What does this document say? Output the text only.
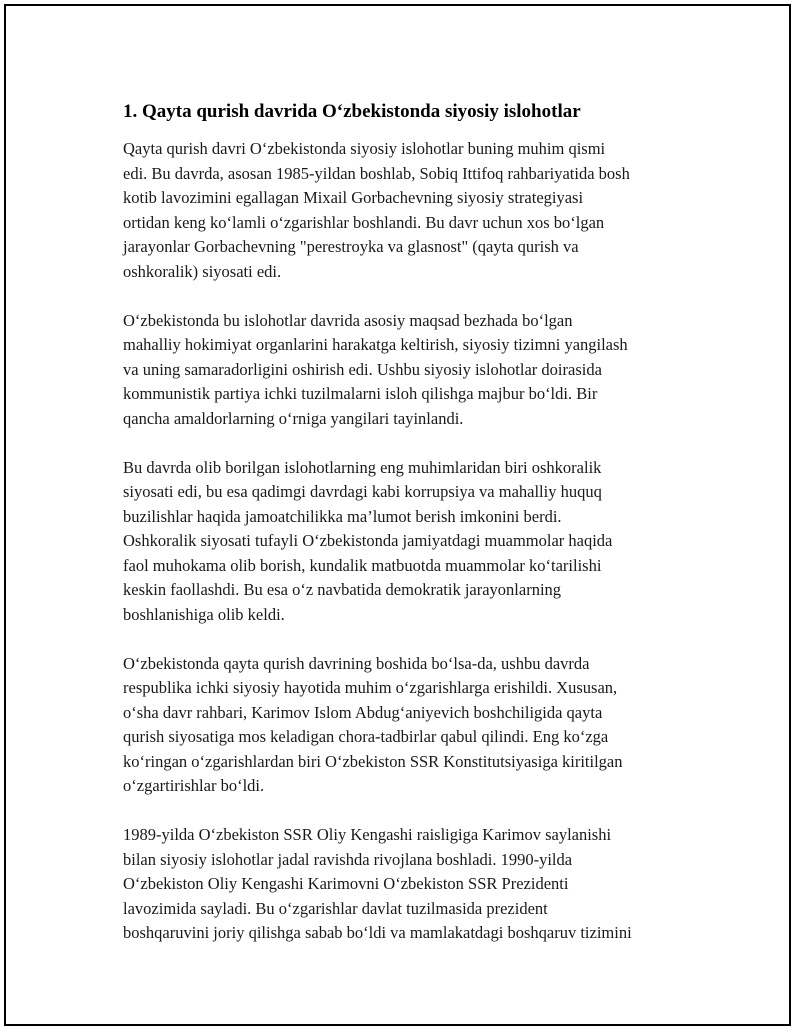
1. Qayta qurish davrida O‘zbekistonda siyosiy islohotlar

Qayta qurish davri O‘zbekistonda siyosiy islohotlar buning muhim qismi
edi. Bu davrda, asosan 1985-yildan boshlab, Sobiq Ittifoq rahbariyatida bosh
kotib lavozimini egallagan Mixail Gorbachevning siyosiy strategiyasi
ortidan keng ko‘lamli o‘zgarishlar boshlandi. Bu davr uchun xos bo‘lgan
jarayonlar Gorbachevning "perestroyka va glasnost" (qayta qurish va
oshkoralik) siyosati edi.

O‘zbekistonda bu islohotlar davrida asosiy maqsad bezhada bo‘lgan
mahalliy hokimiyat organlarini harakatga keltirish, siyosiy tizimni yangilash
va uning samaradorligini oshirish edi. Ushbu siyosiy islohotlar doirasida
kommunistik partiya ichki tuzilmalarni isloh qilishga majbur bo‘ldi. Bir
qancha amaldorlarning o‘rniga yangilari tayinlandi.

Bu davrda olib borilgan islohotlarning eng muhimlaridan biri oshkoralik
siyosati edi, bu esa qadimgi davrdagi kabi korrupsiya va mahalliy huquq
buzilishlar haqida jamoatchilikka ma’lumot berish imkonini berdi.
Oshkoralik siyosati tufayli O‘zbekistonda jamiyatdagi muammolar haqida
faol muhokama olib borish, kundalik matbuotda muammolar ko‘tarilishi
keskin faollashdi. Bu esa o‘z navbatida demokratik jarayonlarning
boshlanishiga olib keldi.

O‘zbekistonda qayta qurish davrining boshida bo‘lsa-da, ushbu davrda
respublika ichki siyosiy hayotida muhim o‘zgarishlarga erishildi. Xususan,
o‘sha davr rahbari, Karimov Islom Abdug‘aniyevich boshchiligida qayta
qurish siyosatiga mos keladigan chora-tadbirlar qabul qilindi. Eng ko‘zga
ko‘ringan o‘zgarishlardan biri O‘zbekiston SSR Konstitutsiyasiga kiritilgan
o‘zgartirishlar bo‘ldi.

1989-yilda O‘zbekiston SSR Oliy Kengashi raisligiga Karimov saylanishi
bilan siyosiy islohotlar jadal ravishda rivojlana boshladi. 1990-yilda
O‘zbekiston Oliy Kengashi Karimovni O‘zbekiston SSR Prezidenti
lavozimida sayladi. Bu o‘zgarishlar davlat tuzilmasida prezident
boshqaruvini joriy qilishga sabab bo‘ldi va mamlakatdagi boshqaruv tizimini
